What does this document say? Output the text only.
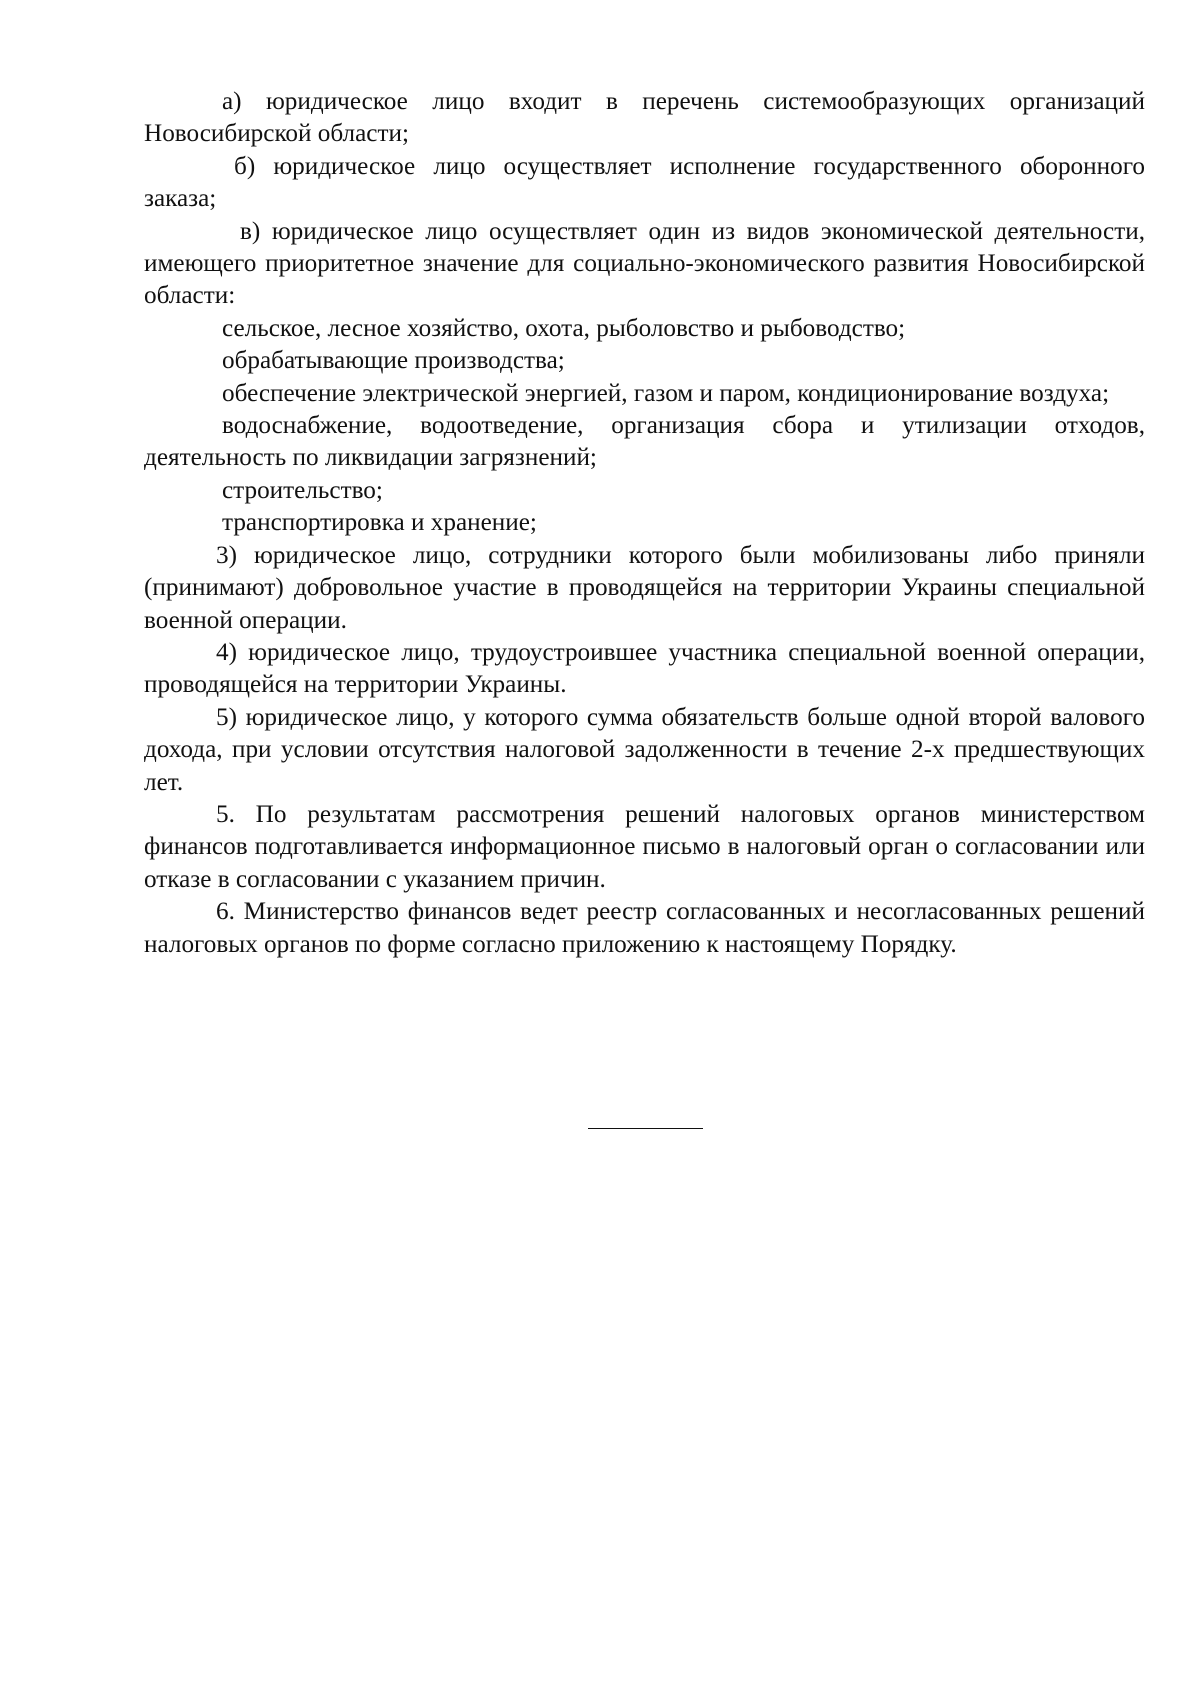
а) юридическое лицо входит в перечень системообразующих организаций Новосибирской области;

б) юридическое лицо осуществляет исполнение государственного оборонного заказа;

в) юридическое лицо осуществляет один из видов экономической деятельности, имеющего приоритетное значение для социально-экономического развития Новосибирской области:

сельское, лесное хозяйство, охота, рыболовство и рыбоводство;

обрабатывающие производства;

обеспечение электрической энергией, газом и паром, кондиционирование воздуха;

водоснабжение, водоотведение, организация сбора и утилизации отходов, деятельность по ликвидации загрязнений;

строительство;

транспортировка и хранение;

3) юридическое лицо, сотрудники которого были мобилизованы либо приняли (принимают) добровольное участие в проводящейся на территории Украины специальной военной операции.

4) юридическое лицо, трудоустроившее участника специальной военной операции, проводящейся на территории Украины.

5) юридическое лицо, у которого сумма обязательств больше одной второй валового дохода, при условии отсутствия налоговой задолженности в течение 2-х предшествующих лет.

5. По результатам рассмотрения решений налоговых органов министерством финансов подготавливается информационное письмо в налоговый орган о согласовании или отказе в согласовании с указанием причин.

6. Министерство финансов ведет реестр согласованных и несогласованных решений налоговых органов по форме согласно приложению к настоящему Порядку.
